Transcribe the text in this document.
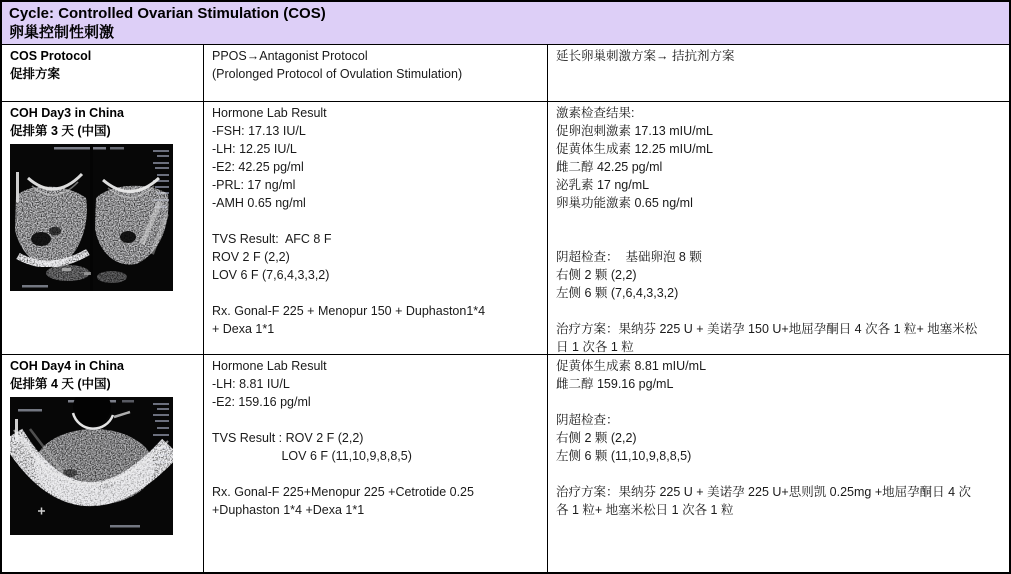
Cycle: Controlled Ovarian Stimulation (COS)
卵巢控制性刺激
COS Protocol
促排方案
PPOS→Antagonist Protocol
(Prolonged Protocol of Ovulation Stimulation)
延长卵巢刺激方案→ 拮抗剂方案
COH Day3 in China
促排第 3 天 (中国)
Hormone Lab Result
-FSH: 17.13 IU/L
-LH: 12.25 IU/L
-E2: 42.25 pg/ml
-PRL: 17 ng/ml
-AMH 0.65 ng/ml
TVS Result:  AFC 8 F
ROV 2 F (2,2)
LOV 6 F (7,6,4,3,3,2)
Rx. Gonal-F 225 + Menopur 150 + Duphaston1*4
+ Dexa 1*1
激素检查结果:
促卵泡刺激素 17.13 mIU/mL
促黄体生成素 12.25 mIU/mL
雌二醇 42.25 pg/ml
泌乳素 17 ng/mL
卵巢功能激素 0.65 ng/ml
阴超检查：  基础卵泡 8 颗
右侧 2 颗 (2,2)
左侧 6 颗 (7,6,4,3,3,2)
治疗方案：果纳芬 225 U + 美诺孕 150 U+地屈孕酮日 4 次各 1 粒+ 地塞米松
日 1 次各 1 粒
COH Day4 in China
促排第 4 天 (中国)
Hormone Lab Result
-LH: 8.81 IU/L
-E2: 159.16 pg/ml
TVS Result : ROV 2 F (2,2)
LOV 6 F (11,10,9,8,8,5)
Rx. Gonal-F 225+Menopur 225 +Cetrotide 0.25
+Duphaston 1*4 +Dexa 1*1
促黄体生成素 8.81 mIU/mL
雌二醇 159.16 pg/mL
阴超检查：
右侧 2 颗 (2,2)
左侧 6 颗 (11,10,9,8,8,5)
治疗方案：果纳芬 225 U + 美诺孕 225 U+思则凯 0.25mg +地屈孕酮日 4 次
各 1 粒+ 地塞米松日 1 次各 1 粒
